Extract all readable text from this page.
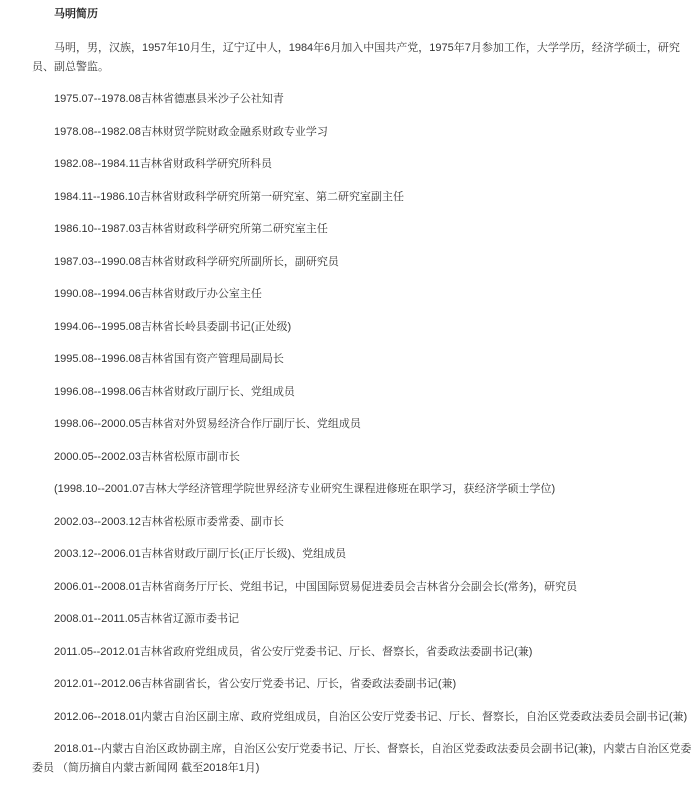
马明简历

马明，男，汉族，1957年10月生，辽宁辽中人，1984年6月加入中国共产党，1975年7月参加工作，大学学历，经济学硕士，研究员、副总警监。

1975.07--1978.08吉林省德惠县米沙子公社知青

1978.08--1982.08吉林财贸学院财政金融系财政专业学习

1982.08--1984.11吉林省财政科学研究所科员

1984.11--1986.10吉林省财政科学研究所第一研究室、第二研究室副主任

1986.10--1987.03吉林省财政科学研究所第二研究室主任

1987.03--1990.08吉林省财政科学研究所副所长，副研究员

1990.08--1994.06吉林省财政厅办公室主任

1994.06--1995.08吉林省长岭县委副书记(正处级)

1995.08--1996.08吉林省国有资产管理局副局长

1996.08--1998.06吉林省财政厅副厅长、党组成员

1998.06--2000.05吉林省对外贸易经济合作厅副厅长、党组成员

2000.05--2002.03吉林省松原市副市长

(1998.10--2001.07吉林大学经济管理学院世界经济专业研究生课程进修班在职学习，获经济学硕士学位)

2002.03--2003.12吉林省松原市委常委、副市长

2003.12--2006.01吉林省财政厅副厅长(正厅长级)、党组成员

2006.01--2008.01吉林省商务厅厅长、党组书记，中国国际贸易促进委员会吉林省分会副会长(常务)，研究员

2008.01--2011.05吉林省辽源市委书记

2011.05--2012.01吉林省政府党组成员，省公安厅党委书记、厅长、督察长，省委政法委副书记(兼)

2012.01--2012.06吉林省副省长，省公安厅党委书记、厅长，省委政法委副书记(兼)

2012.06--2018.01内蒙古自治区副主席、政府党组成员，自治区公安厅党委书记、厅长、督察长，自治区党委政法委员会副书记(兼)

2018.01--内蒙古自治区政协副主席，自治区公安厅党委书记、厅长、督察长，自治区党委政法委员会副书记(兼)，内蒙古自治区党委委员 （简历摘自内蒙古新闻网 截至2018年1月)
